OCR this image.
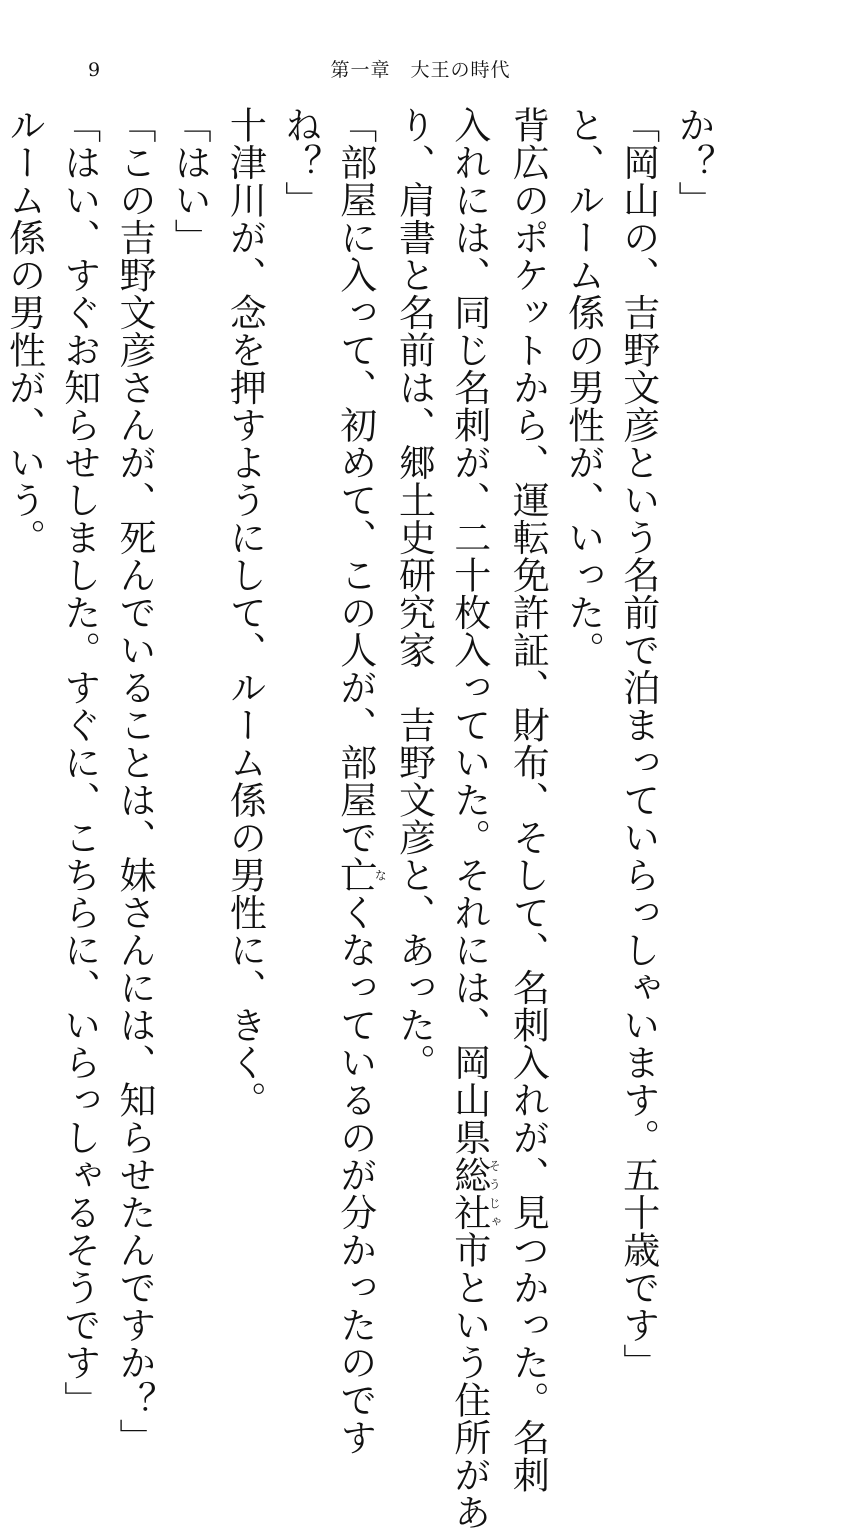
9	第一章　大王の時代

か？」

「岡山の、吉野文彦という名前で泊まっていらっしゃいます。五十歳です」

と、ルーム係の男性が、いった。

背広のポケットから、運転免許証、財布、そして、名刺入れが、見つかった。名刺

入れには、同じ名刺が、二十枚入っていた。それには、岡山県総社そうじゃ市という住所があ

り、肩書と名前は、郷土史研究家　吉野文彦と、あった。

「部屋に入って、初めて、この人が、部屋で亡なくなっているのが分かったのです

ね？」

十津川が、念を押すようにして、ルーム係の男性に、きく。

「はい」

「この吉野文彦さんが、死んでいることは、妹さんには、知らせたんですか？」

「はい、すぐお知らせしました。すぐに、こちらに、いらっしゃるそうです」

ルーム係の男性が、いう。
